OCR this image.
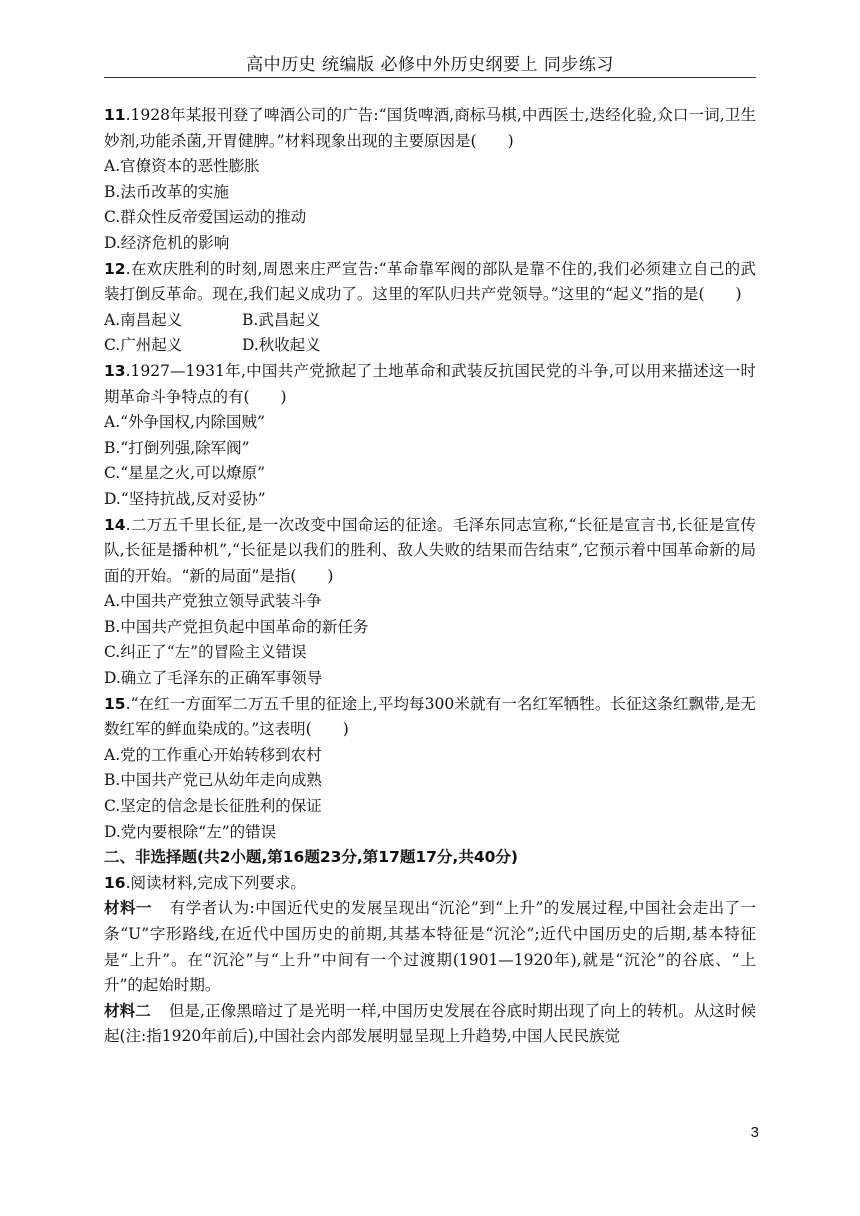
高中历史 统编版 必修中外历史纲要上 同步练习

11.1928年某报刊登了啤酒公司的广告:“国货啤酒,商标马棋,中西医士,迭经化验,众口一词,卫生妙剂,功能杀菌,开胃健脾。”材料现象出现的主要原因是(　　)

A.官僚资本的恶性膨胀

B.法币改革的实施

C.群众性反帝爱国运动的推动

D.经济危机的影响

12.在欢庆胜利的时刻,周恩来庄严宣告:“革命靠军阀的部队是靠不住的,我们必须建立自己的武装打倒反革命。现在,我们起义成功了。这里的军队归共产党领导。”这里的“起义”指的是(　　)

A.南昌起义	B.武昌起义
C.广州起义	D.秋收起义

13.1927—1931年,中国共产党掀起了土地革命和武装反抗国民党的斗争,可以用来描述这一时期革命斗争特点的有(　　)

A.“外争国权,内除国贼”

B.“打倒列强,除军阀”

C.“星星之火,可以燎原”

D.“坚持抗战,反对妥协”

14.二万五千里长征,是一次改变中国命运的征途。毛泽东同志宣称,“长征是宣言书,长征是宣传队,长征是播种机”,“长征是以我们的胜利、敌人失败的结果而告结束”,它预示着中国革命新的局面的开始。“新的局面”是指(　　)

A.中国共产党独立领导武装斗争

B.中国共产党担负起中国革命的新任务

C.纠正了“左”的冒险主义错误

D.确立了毛泽东的正确军事领导

15.“在红一方面军二万五千里的征途上,平均每300米就有一名红军牺牲。长征这条红飘带,是无数红军的鲜血染成的。”这表明(　　)

A.党的工作重心开始转移到农村

B.中国共产党已从幼年走向成熟

C.坚定的信念是长征胜利的保证

D.党内要根除“左”的错误

二、非选择题(共2小题,第16题23分,第17题17分,共40分)

16.阅读材料,完成下列要求。

材料一 有学者认为:中国近代史的发展呈现出“沉沦”到“上升”的发展过程,中国社会走出了一条“U”字形路线,在近代中国历史的前期,其基本特征是“沉沦”;近代中国历史的后期,基本特征是“上升”。在“沉沦”与“上升”中间有一个过渡期(1901—1920年),就是“沉沦”的谷底、“上升”的起始时期。

材料二 但是,正像黑暗过了是光明一样,中国历史发展在谷底时期出现了向上的转机。从这时候起(注:指1920年前后),中国社会内部发展明显呈现上升趋势,中国人民民族觉

3
